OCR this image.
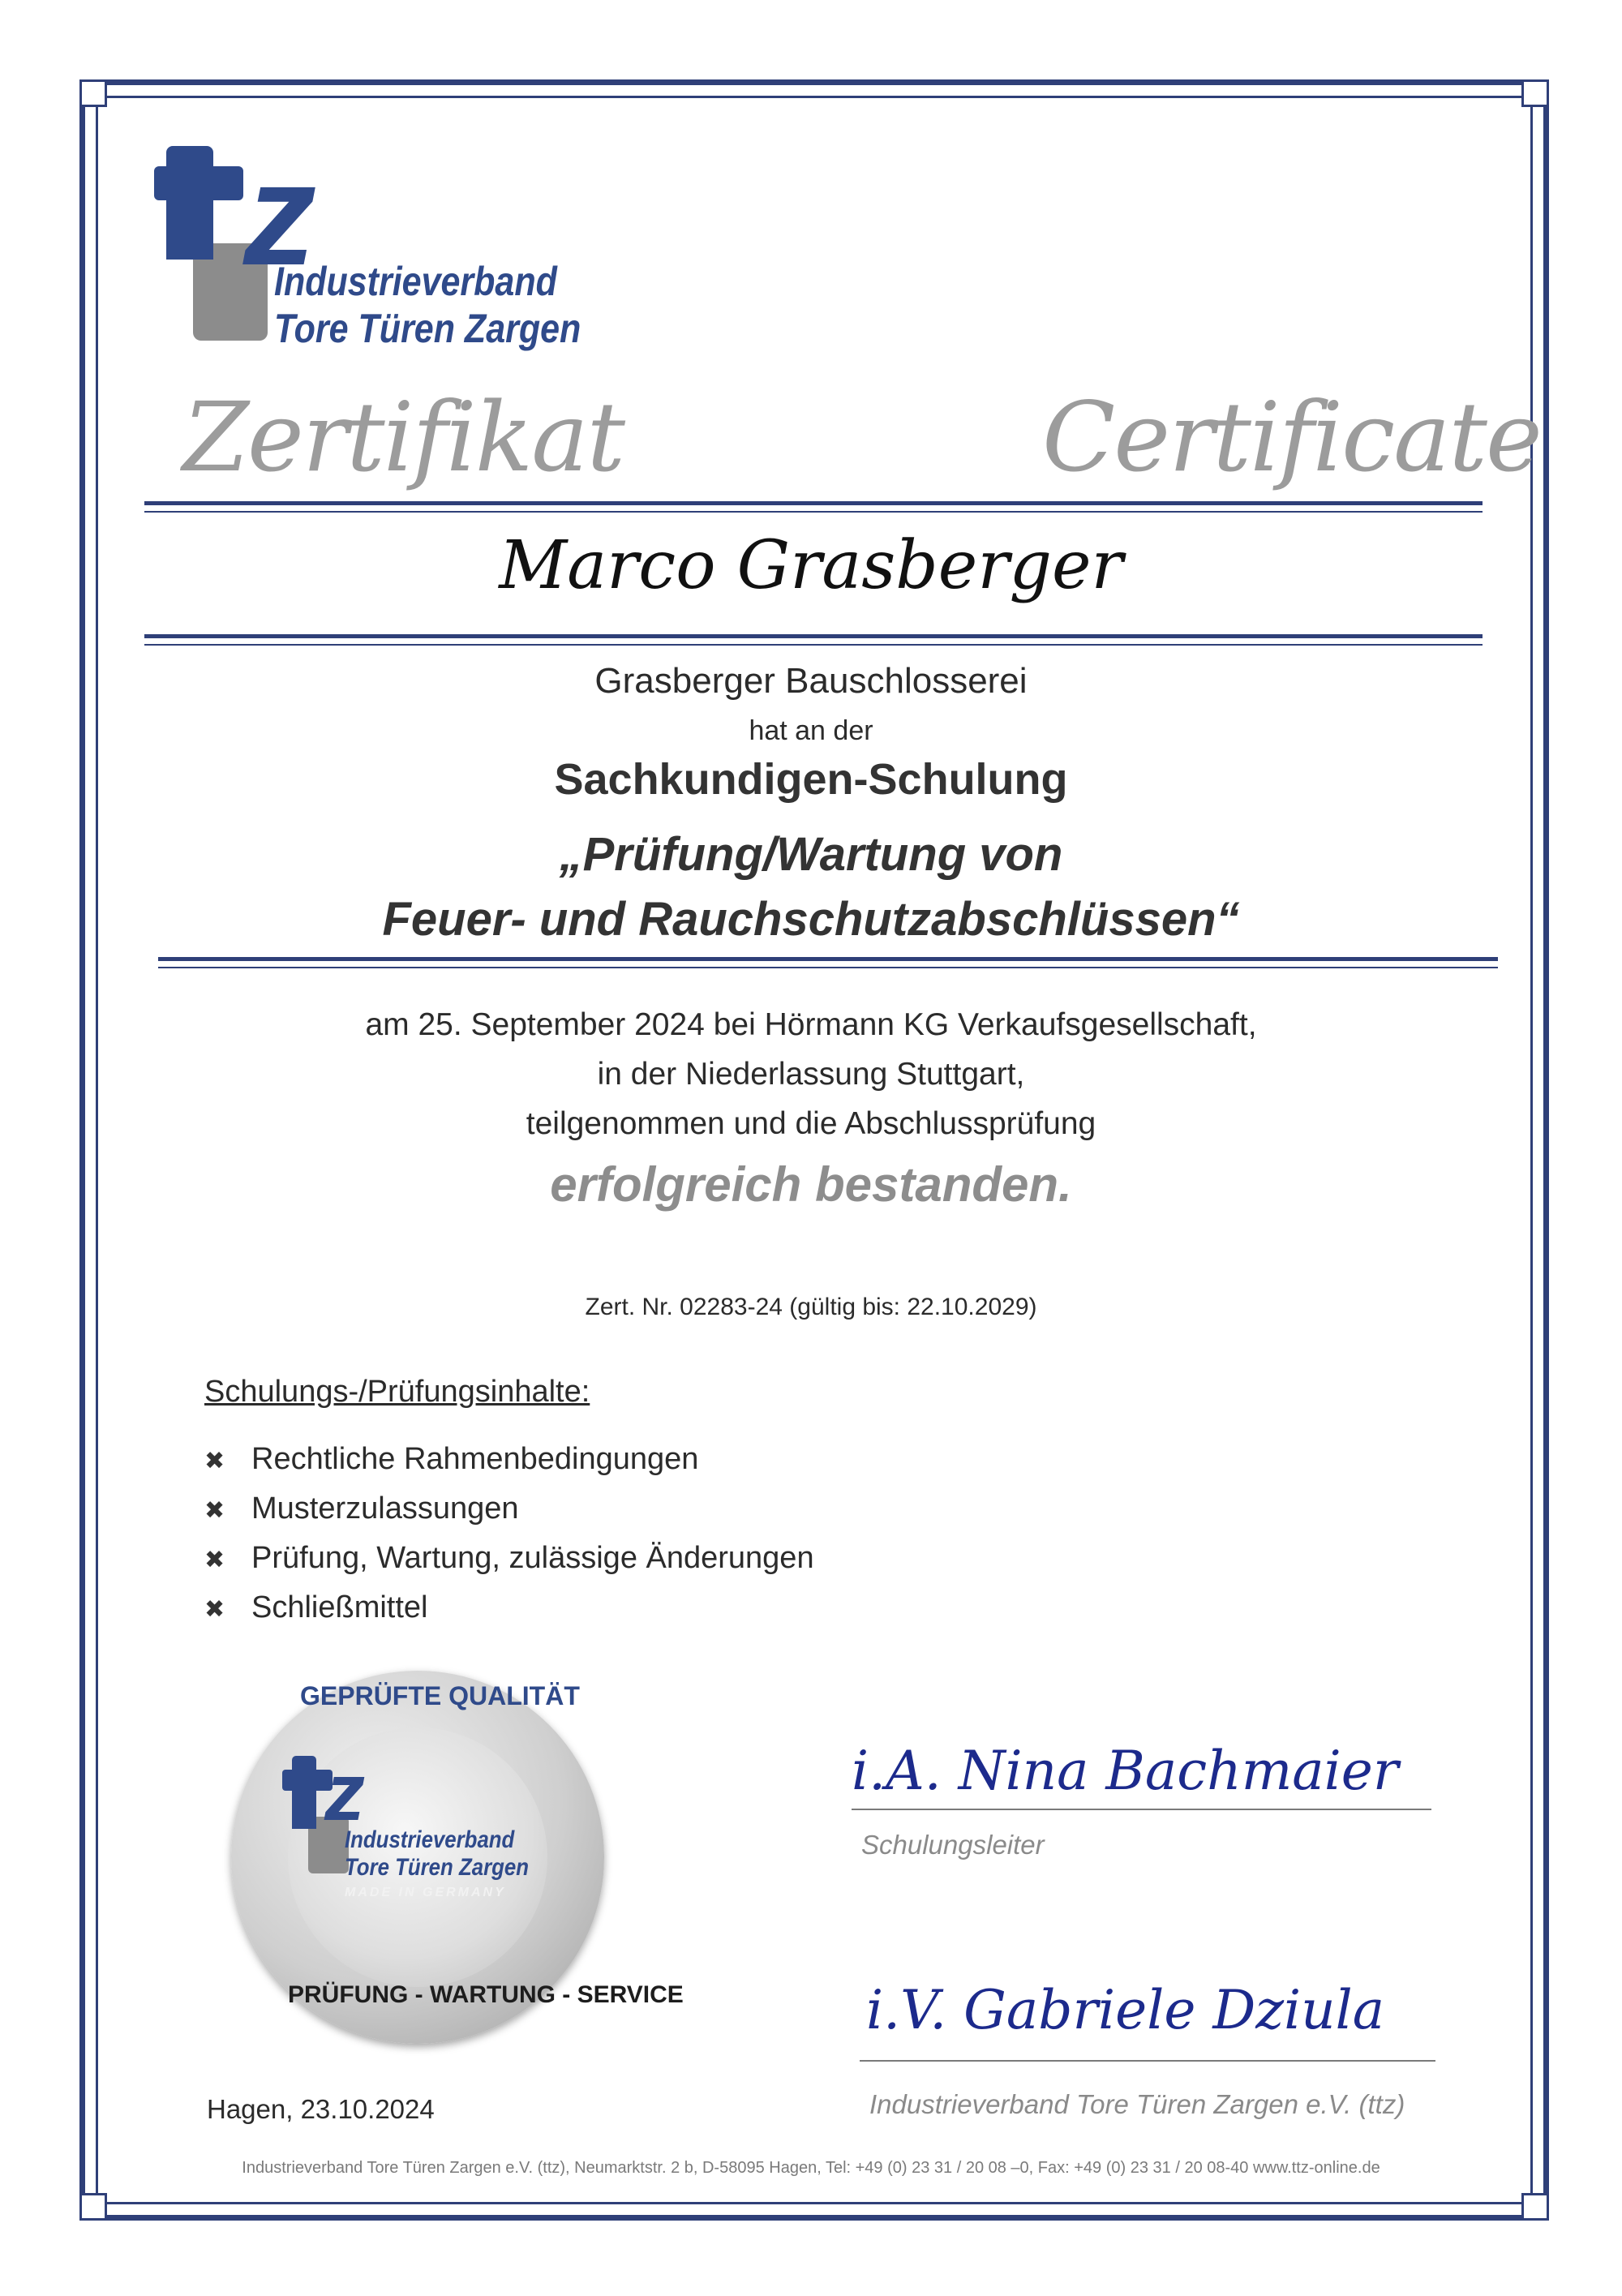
z
Industrieverband
Tore Türen Zargen
Zertifikat	Certificate
Marco Grasberger
Grasberger Bauschlosserei
hat an der
Sachkundigen-Schulung
„Prüfung/Wartung von
Feuer- und Rauchschutzabschlüssen“
am 25. September 2024 bei Hörmann KG Verkaufsgesellschaft,
in der Niederlassung Stuttgart,
teilgenommen und die Abschlussprüfung
erfolgreich bestanden.
Zert. Nr. 02283-24 (gültig bis: 22.10.2029)
Schulungs-/Prüfungsinhalte:
✖ Rechtliche Rahmenbedingungen
✖ Musterzulassungen
✖ Prüfung, Wartung, zulässige Änderungen
✖ Schließmittel
z
Industrieverband
Tore Türen Zargen
MADE IN GERMANY
GEPRÜFTE QUALITÄT
PRÜFUNG - WARTUNG - SERVICE
i.A. Nina Bachmaier
Schulungsleiter
i.V. Gabriele Dziula
Industrieverband Tore Türen Zargen e.V. (ttz)
Hagen, 23.10.2024
Industrieverband Tore Türen Zargen e.V. (ttz), Neumarktstr. 2 b, D-58095 Hagen, Tel: +49 (0) 23 31 / 20 08 –0, Fax: +49 (0) 23 31 / 20 08-40 www.ttz-online.de
